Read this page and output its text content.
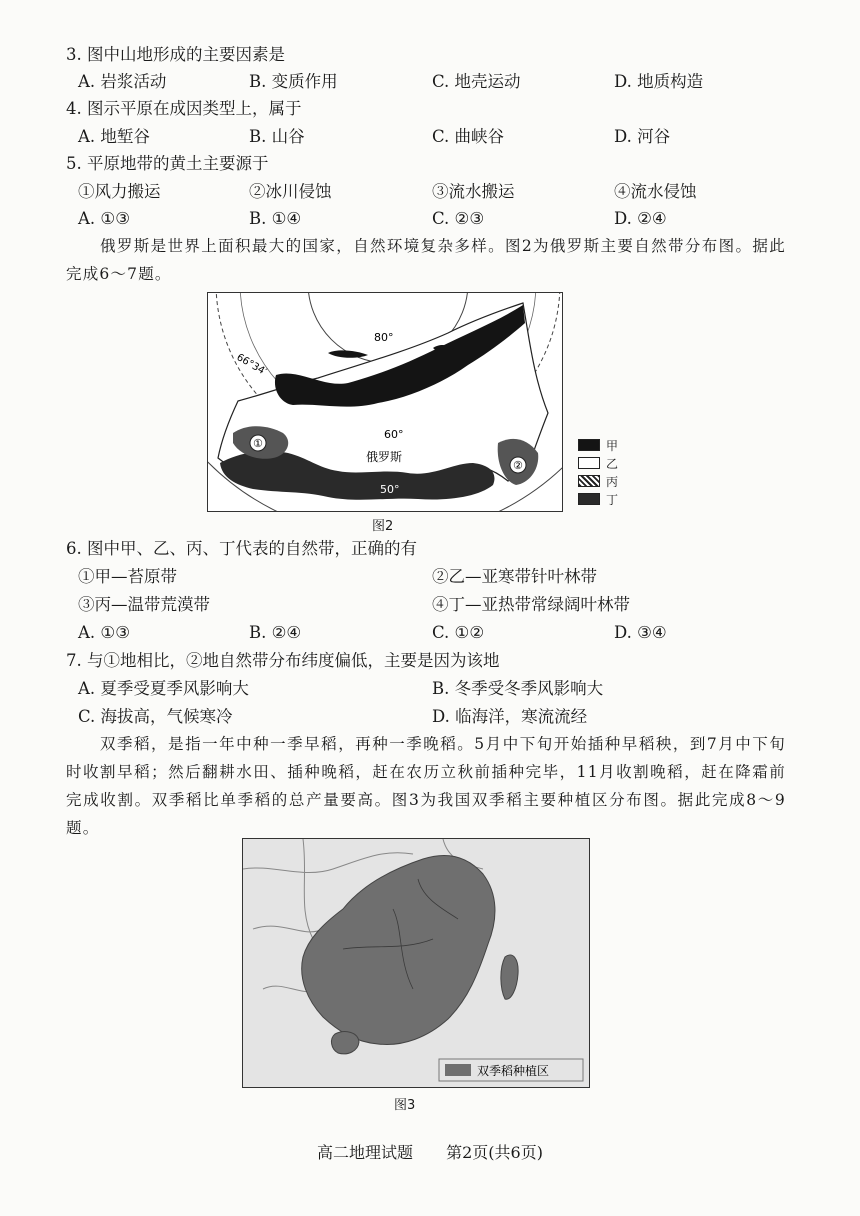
3. 图中山地形成的主要因素是
A. 岩浆活动	B. 变质作用	C. 地壳运动	D. 地质构造
4. 图示平原在成因类型上，属于
A. 地堑谷	B. 山谷	C. 曲峡谷	D. 河谷
5. 平原地带的黄土主要源于
①风力搬运	②冰川侵蚀	③流水搬运	④流水侵蚀
A. ①③	B. ①④	C. ②③	D. ②④
俄罗斯是世界上面积最大的国家，自然环境复杂多样。图2为俄罗斯主要自然带分布图。据此完成6～7题。
80°
66°34′
60°
50°
俄罗斯
①
②
甲
乙
丙
丁
图2
6. 图中甲、乙、丙、丁代表的自然带，正确的有
①甲—苔原带	②乙—亚寒带针叶林带
③丙—温带荒漠带	④丁—亚热带常绿阔叶林带
A. ①③	B. ②④	C. ①②	D. ③④
7. 与①地相比，②地自然带分布纬度偏低，主要是因为该地
A. 夏季受夏季风影响大	B. 冬季受冬季风影响大
C. 海拔高，气候寒冷	D. 临海洋，寒流流经
双季稻，是指一年中种一季早稻，再种一季晚稻。5月中下旬开始插种早稻秧，到7月中下旬时收割早稻；然后翻耕水田、插种晚稻，赶在农历立秋前插种完毕，11月收割晚稻，赶在降霜前完成收割。双季稻比单季稻的总产量要高。图3为我国双季稻主要种植区分布图。据此完成8～9题。
双季稻种植区
图3
高二地理试题 第2页(共6页)
